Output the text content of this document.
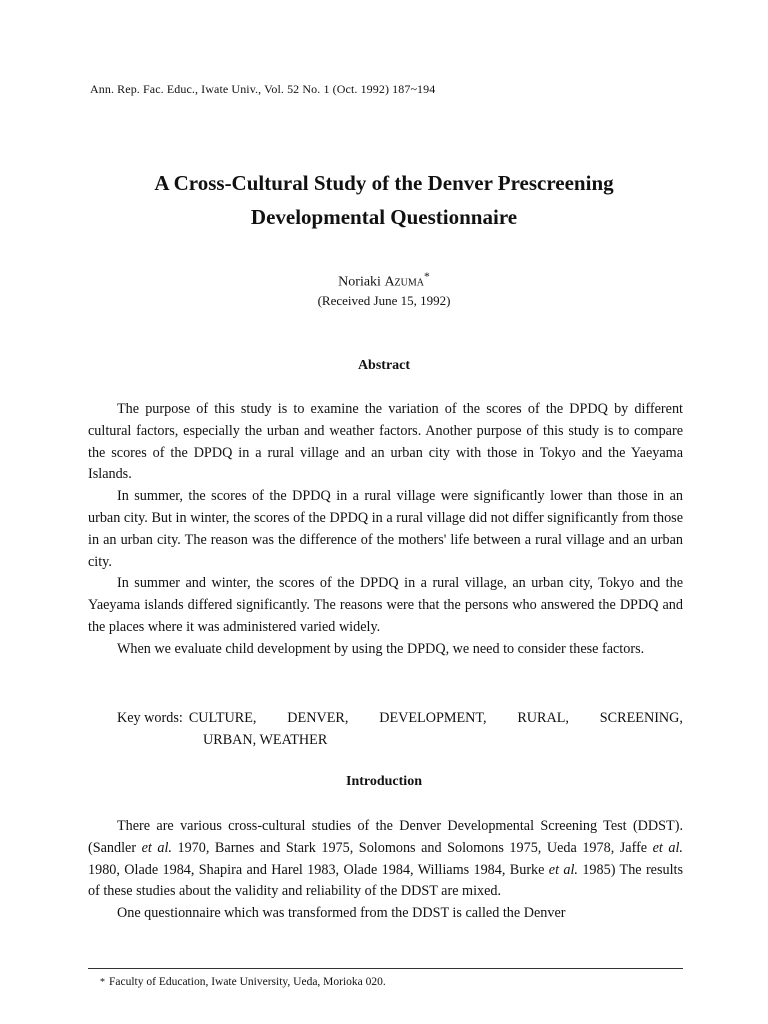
Ann. Rep. Fac. Educ., Iwate Univ., Vol. 52 No. 1 (Oct. 1992) 187~194
A Cross-Cultural Study of the Denver Prescreening
Developmental Questionnaire
Noriaki Azuma*
(Received June 15, 1992)
Abstract

The purpose of this study is to examine the variation of the scores of the DPDQ by different cultural factors, especially the urban and weather factors. Another purpose of this study is to compare the scores of the DPDQ in a rural village and an urban city with those in Tokyo and the Yaeyama Islands.

In summer, the scores of the DPDQ in a rural village were significantly lower than those in an urban city. But in winter, the scores of the DPDQ in a rural village did not differ significantly from those in an urban city. The reason was the difference of the mothers' life between a rural village and an urban city.

In summer and winter, the scores of the DPDQ in a rural village, an urban city, Tokyo and the Yaeyama islands differed significantly. The reasons were that the persons who answered the DPDQ and the places where it was administered varied widely.

When we evaluate child development by using the DPDQ, we need to consider these factors.

Key words: CULTURE, DENVER, DEVELOPMENT, RURAL, SCREENING,
URBAN, WEATHER
Introduction

There are various cross-cultural studies of the Denver Developmental Screening Test (DDST). (Sandler et al. 1970, Barnes and Stark 1975, Solomons and Solomons 1975, Ueda 1978, Jaffe et al. 1980, Olade 1984, Shapira and Harel 1983, Olade 1984, Williams 1984, Burke et al. 1985) The results of these studies about the validity and reliability of the DDST are mixed.

One questionnaire which was transformed from the DDST is called the Denver

* Faculty of Education, Iwate University, Ueda, Morioka 020.
